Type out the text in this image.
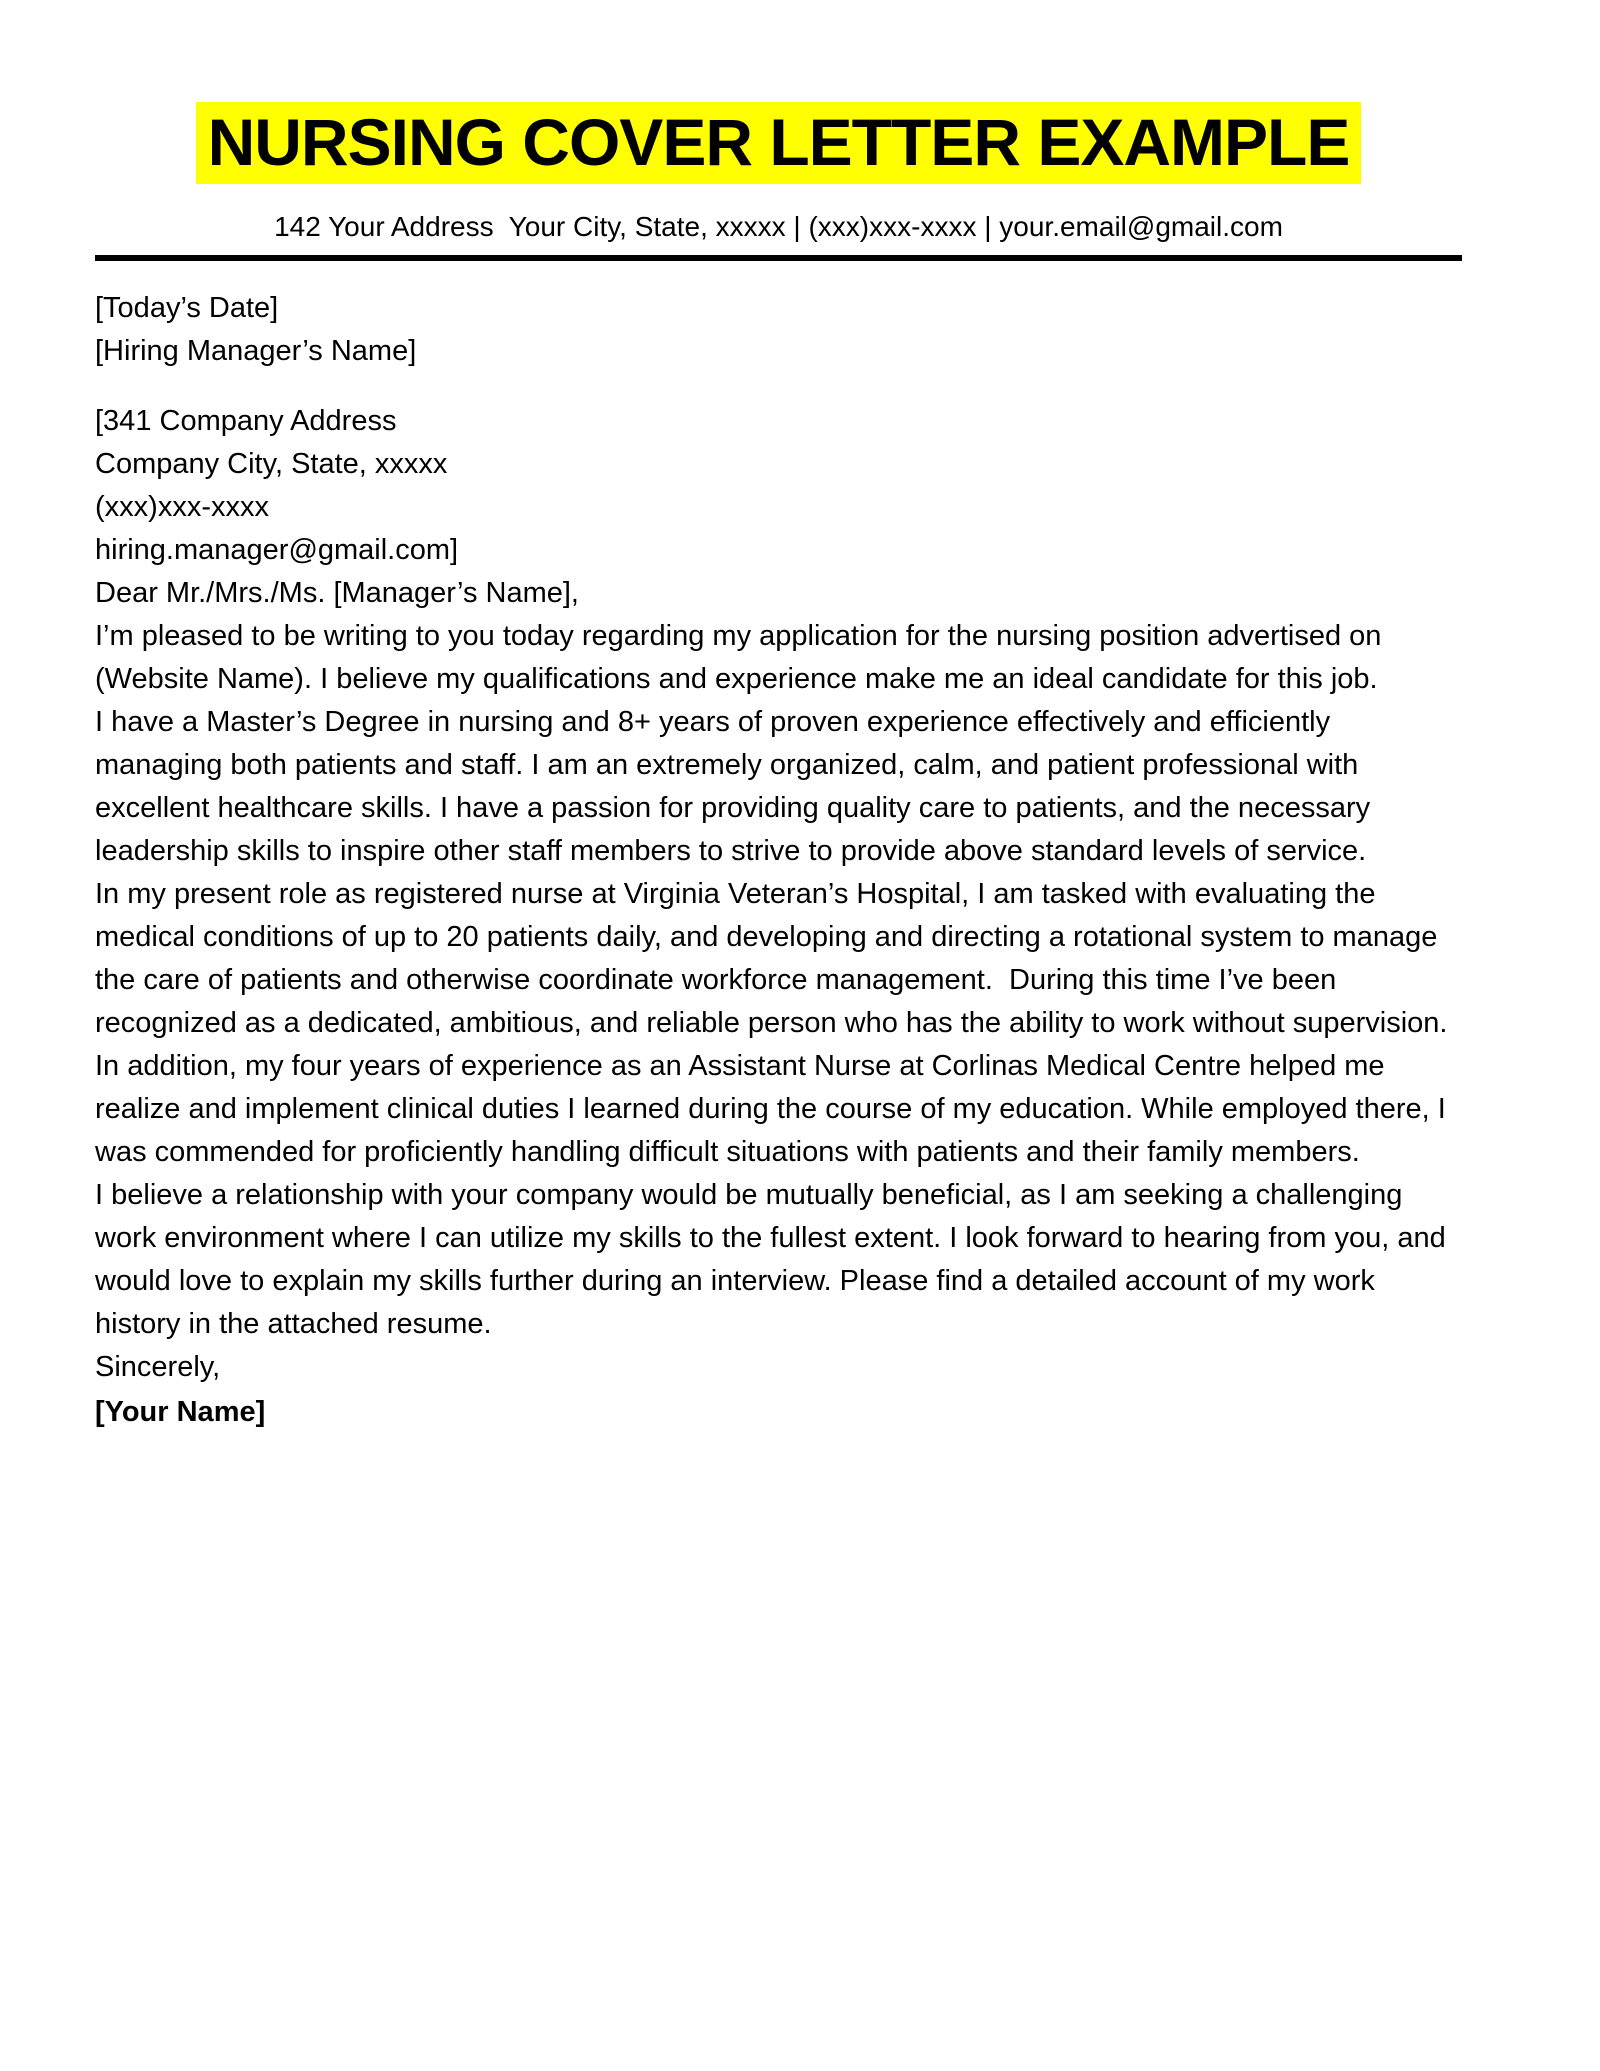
NURSING COVER LETTER EXAMPLE
142 Your Address  Your City, State, xxxxx | (xxx)xxx-xxxx | your.email@gmail.com

[Today’s Date]

[Hiring Manager’s Name]

[341 Company Address

Company City, State, xxxxx

(xxx)xxx-xxxx

hiring.manager@gmail.com]

Dear Mr./Mrs./Ms. [Manager’s Name],

I’m pleased to be writing to you today regarding my application for the nursing position advertised on (Website Name). I believe my qualifications and experience make me an ideal candidate for this job.

I have a Master’s Degree in nursing and 8+ years of proven experience effectively and efficiently managing both patients and staff. I am an extremely organized, calm, and patient professional with excellent healthcare skills. I have a passion for providing quality care to patients, and the necessary leadership skills to inspire other staff members to strive to provide above standard levels of service.

In my present role as registered nurse at Virginia Veteran’s Hospital, I am tasked with evaluating the medical conditions of up to 20 patients daily, and developing and directing a rotational system to manage the care of patients and otherwise coordinate workforce management.  During this time I’ve been recognized as a dedicated, ambitious, and reliable person who has the ability to work without supervision.

In addition, my four years of experience as an Assistant Nurse at Corlinas Medical Centre helped me realize and implement clinical duties I learned during the course of my education. While employed there, I was commended for proficiently handling difficult situations with patients and their family members.

I believe a relationship with your company would be mutually beneficial, as I am seeking a challenging work environment where I can utilize my skills to the fullest extent. I look forward to hearing from you, and would love to explain my skills further during an interview. Please find a detailed account of my work history in the attached resume.

Sincerely,

[Your Name]
